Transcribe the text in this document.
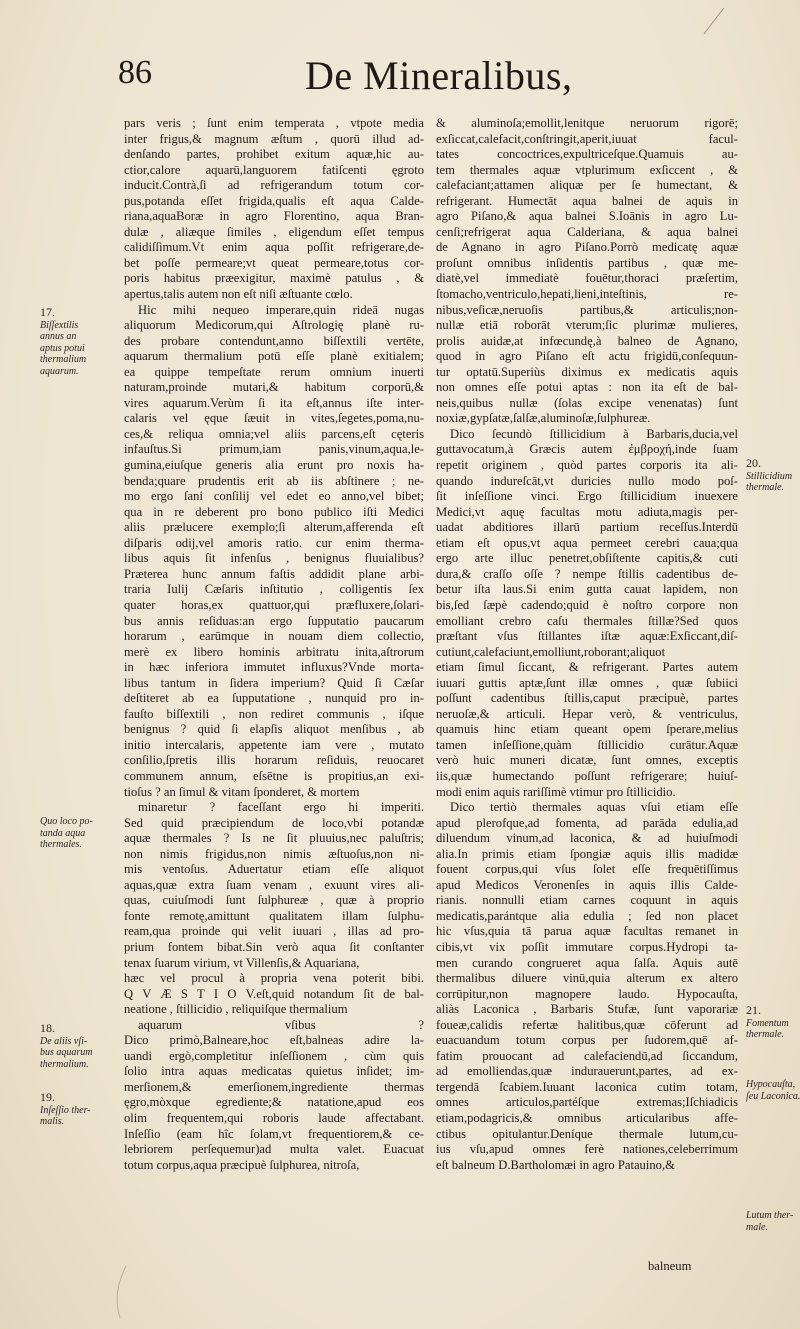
86	De Mineralibus,
pars veris ; ſunt enim temperata , vtpote media
inter frigus,& magnum æſtum , quorū illud ad-
denſando partes, prohibet exitum aquæ,hic au-
ctior,calore aquarū,languorem fatiſcenti ęgroto
inducit.Contrà,ſi ad refrigerandum totum cor-
pus,potanda eſſet frigida,qualis eſt aqua Calde-
riana,aquaBoræ in agro Florentino, aqua Bran-
dulæ , aliæque ſimiles , eligendum eſſet tempus
calidiſſimum.Vt enim aqua poſſit refrigerare,de-
bet poſſe permeare;vt queat permeare,totus cor-
poris habitus præexigitur, maximè patulus , &
apertus,talis autem non eſt niſi æſtuante cœlo.
Hic mihi nequeo imperare,quin rideā nugas
aliquorum Medicorum,qui Aſtrologię planè ru-
des probare contendunt,anno biſſextili vertēte,
aquarum thermalium potū eſſe planè exitialem;
ea quippe tempeſtate rerum omnium inuerti
naturam,proinde mutari,& habitum corporū,&
vires aquarum.Verùm ſi ita eſt,annus iſte inter-
calaris vel ęque ſæuit in vites,ſegetes,poma,nu-
ces,& reliqua omnia;vel aliis parcens,eſt cęteris
infauſtus.Si primum,iam panis,vinum,aqua,le-
gumina,eiuſque generis alia erunt pro noxis ha-
benda;quare prudentis erit ab iis abſtinere ; ne-
mo ergo ſani conſilij vel edet eo anno,vel bibet;
qua in re deberent pro bono publico iſti Medici
aliis prælucere exemplo;ſi alterum,afferenda eſt
diſparis odij,vel amoris ratio. cur enim therma-
libus aquis ſit infenſus , benignus fluuialibus?
Præterea hunc annum faſtis addidit plane arbi-
traria Iulij Cæſaris inſtitutio , colligentis ſex
quater horas,ex quattuor,qui præfluxere,ſolari-
bus annis reſiduas:an ergo ſupputatio paucarum
horarum , earūmque in nouam diem collectio,
merè ex libero hominis arbitratu inita,aſtrorum
in hæc inferiora immutet influxus?Vnde morta-
libus tantum in ſidera imperium? Quid ſi Cæſar
deſtiteret ab ea ſupputatione , nunquid pro in-
fauſto biſſextili , non rediret communis , iſque
benignus ? quid ſi elapſis aliquot menſibus , ab
initio intercalaris, appetente iam vere , mutato
conſilio,ſpretis illis horarum reſiduis, reuocaret
communem annum, eſsētne is propitius,an exi-
tioſus ? an ſimul & vitam ſponderet, & mortem
minaretur ? faceſſant ergo hi imperiti.
Sed quid præcipiendum de loco,vbi potandæ
aquæ thermales ? Is ne ſit pluuius,nec paluſtris;
non nimis frigidus,non nimis æſtuoſus,non ni-
mis ventoſus. Aduertatur etiam eſſe aliquot
aquas,quæ extra ſuam venam , exuunt vires ali-
quas, cuiuſmodi ſunt ſulphureæ , quæ à proprio
fonte remotę,amittunt qualitatem illam ſulphu-
ream,qua proinde qui velit iuuari , illas ad pro-
prium fontem bibat.Sin verò aqua ſit conſtanter
tenax ſuarum virium, vt Villenſis,& Aquariana,
hæc vel procul à propria vena poterit bibi.
Q V Æ S T I O V.eſt,quid notandum ſit de bal-
neatione , ſtillicidio , reliquiſque thermalium
aquarum vſibus ?
Dico primò,Balneare,hoc eſt,balneas adire la-
uandi ergò,completitur inſeſſionem , cùm quis
ſolio intra aquas medicatas quietus inſidet; im-
merſionem,& emerſionem,ingrediente thermas
ęgro,mòxque egrediente;& natatione,apud eos
olim frequentem,qui roboris laude affectabant.
Inſeſſio (eam hîc ſolam,vt frequentiorem,& ce-
lebriorem perſequemur)ad multa valet. Euacuat
totum corpus,aqua præcipuè ſulphurea, nitroſa,
& aluminoſa;emollit,lenitque neruorum rigorē;
exſiccat,calefacit,conſtringit,aperit,iuuat facul-
tates concoctrices,expultriceſque.Quamuis au-
tem thermales aquæ vtplurimum exſiccent , &
calefaciant;attamen aliquæ per ſe humectant, &
refrigerant. Humectāt aqua balnei de aquis in
agro Piſano,& aqua balnei S.Ioānis in agro Lu-
cenſi;refrigerat aqua Calderiana, & aqua balnei
de Agnano in agro Piſano.Porrò medicatę aquæ
proſunt omnibus inſidentis partibus , quæ me-
diatè,vel immediatè fouētur,thoraci præſertim,
ſtomacho,ventriculo,hepati,lieni,inteſtinis, re-
nibus,veſicæ,neruoſis partibus,& articulis;non-
nullæ etiā roborāt vterum;ſic plurimæ mulieres,
prolis auidæ,at infœcundę,à balneo de Agnano,
quod in agro Piſano eſt actu frigidū,conſequun-
tur optatū.Superiùs diximus ex medicatis aquis
non omnes eſſe potui aptas : non ita eſt de bal-
neis,quibus nullæ (ſolas excipe venenatas) ſunt
noxiæ,gypſatæ,ſalſæ,aluminoſæ,ſulphureæ.
Dico ſecundò ſtillicidium à Barbaris,ducia,vel
guttavocatum,à Græcis autem ἐμβροχή,inde ſuam
repetit originem , quòd partes corporis ita ali-
quando indureſcāt,vt duricies nullo modo poſ-
ſit inſeſſione vinci. Ergo ſtillicidium inuexere
Medici,vt aquę facultas motu adiuta,magis per-
uadat abditiores illarū partium receſſus.Interdū
etiam eſt opus,vt aqua permeet cerebri caua;qua
ergo arte illuc penetret,obſiſtente capitis,& cuti
dura,& craſſo oſſe ? nempe ſtillis cadentibus de-
betur iſta laus.Si enim gutta cauat lapidem, non
bis,ſed ſæpè cadendo;quid è noſtro corpore non
emolliant crebro caſu thermales ſtillæ?Sed quos
præſtant vſus ſtillantes iſtæ aquæ:Exſiccant,diſ-
cutiunt,calefaciunt,emolliunt,roborant;aliquot
etiam ſimul ſiccant, & refrigerant. Partes autem
iuuari guttis aptæ,ſunt illæ omnes , quæ ſubiici
poſſunt cadentibus ſtillis,caput præcipuè, partes
neruoſæ,& articuli. Hepar verò, & ventriculus,
quamuis hinc etiam queant opem ſperare,melius
tamen inſeſſione,quàm ſtillicidio curātur.Aquæ
verò huic muneri dicatæ, ſunt omnes, exceptis
iis,quæ humectando poſſunt refrigerare; huiuſ-
modi enim aquis rariſſimè vtimur pro ſtillicidio.
Dico tertiò thermales aquas vſui etiam eſſe
apud plerofque,ad fomenta, ad parāda edulia,ad
diluendum vinum,ad laconica, & ad huiuſmodi
alia.In primis etiam ſpongiæ aquis illis madidæ
fouent corpus,qui vſus ſolet eſſe frequētiſſimus
apud Medicos Veronenſes in aquis illis Calde-
rianis. nonnulli etiam carnes coquunt in aquis
medicatis,parántque alia edulia ; ſed non placet
hic vſus,quia tā parua aquæ facultas remanet in
cibis,vt vix poſſit immutare corpus.Hydropi ta-
men curando congrueret aqua ſalſa. Aquis autē
thermalibus diluere vinū,quia alterum ex altero
corrūpitur,non magnopere laudo. Hypocauſta,
aliàs Laconica , Barbaris Stufæ, ſunt vaporariæ
foueæ,calidis refertæ halitibus,quæ cōferunt ad
euacuandum totum corpus per ſudorem,quē af-
fatim prouocant ad calefaciendū,ad ſiccandum,
ad emolliendas,quæ indurauerunt,partes, ad ex-
tergendā ſcabiem.Iuuant laconica cutim totam,
omnes articulos,partéſque extremas;Iſchiadicis
etiam,podagricis,& omnibus articularibus affe-
ctibus opitulantur.Deníque thermale lutum,cu-
ius vſu,apud omnes ferè nationes,celeberrimum
eſt balneum D.Bartholomæi in agro Patauino,&
17.
Biſſextilis
annus an
aptus potui
thermalium
aquarum.
Quo loco po-
tanda aqua
thermales.
18.
De aliis vſi-
bus aquarum
thermalium.
19.
Inſeſſio ther-
malis.
20.
Stillicidium
thermale.
21.
Fomentum
thermale.
Hypocauſta,
ſeu Laconica.
Lutum ther-
male.
balneum
